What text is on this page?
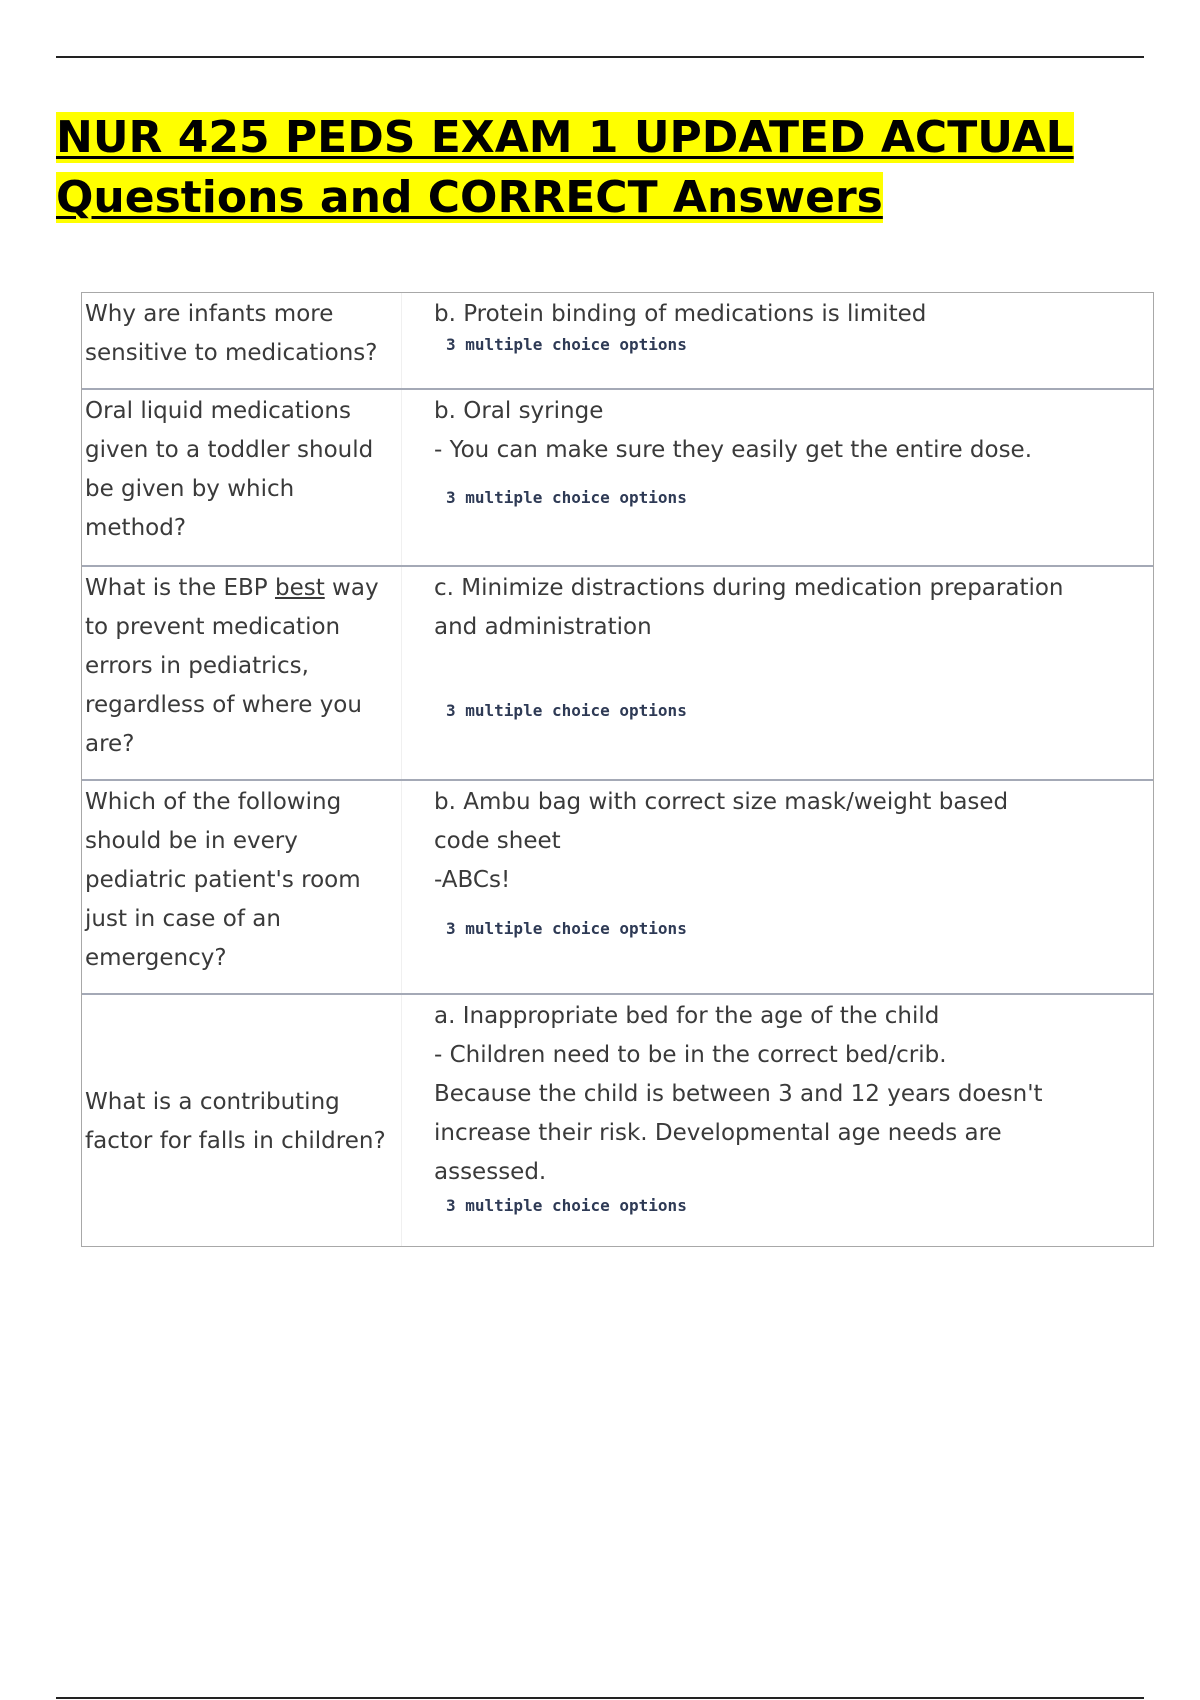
NUR 425 PEDS EXAM 1 UPDATED ACTUAL
Questions and CORRECT Answers
Why are infants more
sensitive to medications?
b. Protein binding of medications is limited
3 multiple choice options
Oral liquid medications
given to a toddler should
be given by which
method?
b. Oral syringe
- You can make sure they easily get the entire dose.
3 multiple choice options
What is the EBP best way
to prevent medication
errors in pediatrics,
regardless of where you
are?
c. Minimize distractions during medication preparation
and administration
3 multiple choice options
Which of the following
should be in every
pediatric patient's room
just in case of an
emergency?
b. Ambu bag with correct size mask/weight based
code sheet
-ABCs!
3 multiple choice options
What is a contributing
factor for falls in children?
a. Inappropriate bed for the age of the child
- Children need to be in the correct bed/crib.
Because the child is between 3 and 12 years doesn't
increase their risk. Developmental age needs are
assessed.
3 multiple choice options
